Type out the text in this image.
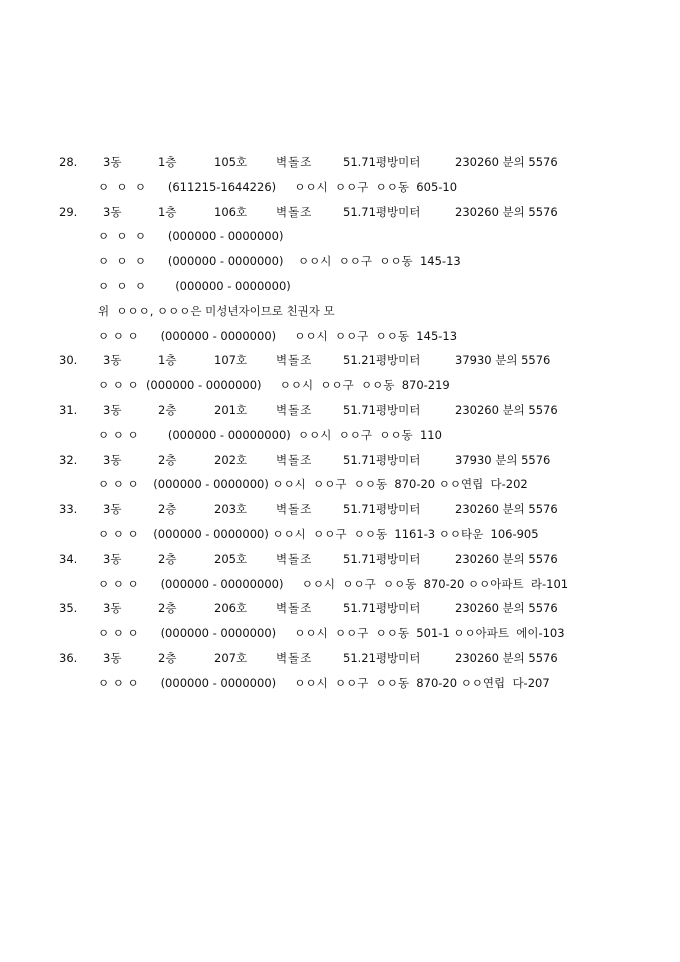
28. 3동	1층	105호	벽돌조	51.71평방미터	230260 분의 5576
ㅇ  ㅇ  ㅇ      (611215-1644226)     ㅇㅇ시  ㅇㅇ구  ㅇㅇ동  605-10
29. 3동	1층	106호	벽돌조	51.71평방미터	230260 분의 5576
ㅇ  ㅇ  ㅇ      (000000 - 0000000)
ㅇ  ㅇ  ㅇ      (000000 - 0000000)    ㅇㅇ시  ㅇㅇ구  ㅇㅇ동  145-13
ㅇ  ㅇ  ㅇ        (000000 - 0000000)
위  ㅇㅇㅇ, ㅇㅇㅇ은 미성년자이므로 친권자 모
ㅇ ㅇ ㅇ      (000000 - 0000000)     ㅇㅇ시  ㅇㅇ구  ㅇㅇ동  145-13
30. 3동	1층	107호	벽돌조	51.21평방미터	37930 분의 5576
ㅇ ㅇ ㅇ  (000000 - 0000000)     ㅇㅇ시  ㅇㅇ구  ㅇㅇ동  870-219
31. 3동	2층	201호	벽돌조	51.71평방미터	230260 분의 5576
ㅇ ㅇ ㅇ        (000000 - 00000000)  ㅇㅇ시  ㅇㅇ구  ㅇㅇ동  110
32. 3동	2층	202호	벽돌조	51.71평방미터	37930 분의 5576
ㅇ ㅇ ㅇ    (000000 - 0000000) ㅇㅇ시  ㅇㅇ구  ㅇㅇ동  870-20 ㅇㅇ연립  다-202
33. 3동	2층	203호	벽돌조	51.71평방미터	230260 분의 5576
ㅇ ㅇ ㅇ    (000000 - 0000000) ㅇㅇ시  ㅇㅇ구  ㅇㅇ동  1161-3 ㅇㅇ타운  106-905
34. 3동	2층	205호	벽돌조	51.71평방미터	230260 분의 5576
ㅇ ㅇ ㅇ      (000000 - 00000000)     ㅇㅇ시  ㅇㅇ구  ㅇㅇ동  870-20 ㅇㅇ아파트  라-101
35. 3동	2층	206호	벽돌조	51.71평방미터	230260 분의 5576
ㅇ ㅇ ㅇ      (000000 - 0000000)     ㅇㅇ시  ㅇㅇ구  ㅇㅇ동  501-1 ㅇㅇ아파트  에이-103
36. 3동	2층	207호	벽돌조	51.21평방미터	230260 분의 5576
ㅇ ㅇ ㅇ      (000000 - 0000000)     ㅇㅇ시  ㅇㅇ구  ㅇㅇ동  870-20 ㅇㅇ연립  다-207
